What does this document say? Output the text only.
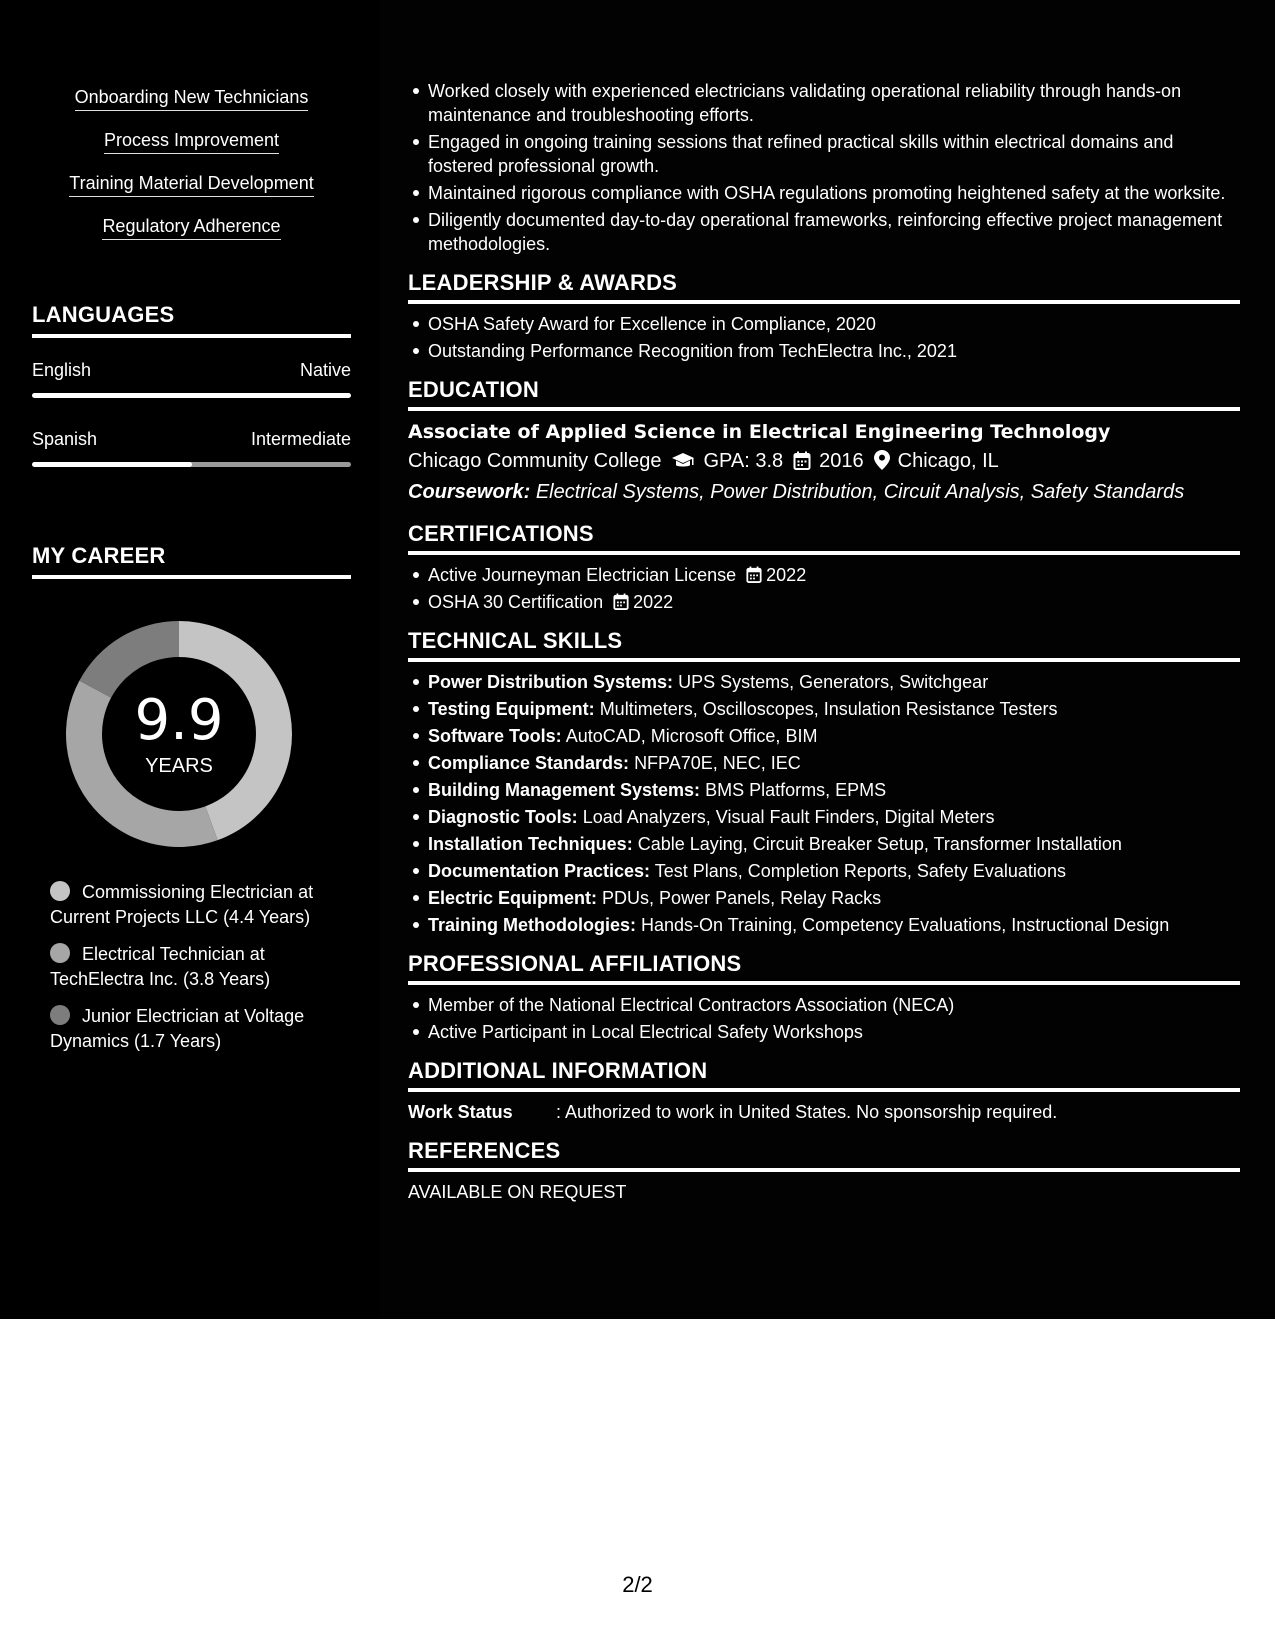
Onboarding New Technicians
Process Improvement
Training Material Development
Regulatory Adherence
LANGUAGES
English	Native
Spanish	Intermediate
MY CAREER
9.9
YEARS
Commissioning Electrician at Current Projects LLC (4.4 Years)
Electrical Technician at TechElectra Inc. (3.8 Years)
Junior Electrician at Voltage Dynamics (1.7 Years)
Worked closely with experienced electricians validating operational reliability through hands-on maintenance and troubleshooting efforts.
Engaged in ongoing training sessions that refined practical skills within electrical domains and fostered professional growth.
Maintained rigorous compliance with OSHA regulations promoting heightened safety at the worksite.
Diligently documented day-to-day operational frameworks, reinforcing effective project management methodologies.
LEADERSHIP & AWARDS
OSHA Safety Award for Excellence in Compliance, 2020
Outstanding Performance Recognition from TechElectra Inc., 2021
EDUCATION
Associate of Applied Science in Electrical Engineering Technology
Chicago Community College GPA: 3.8 2016 Chicago, IL
Coursework: Electrical Systems, Power Distribution, Circuit Analysis, Safety Standards
CERTIFICATIONS
Active Journeyman Electrician License 2022
OSHA 30 Certification 2022
TECHNICAL SKILLS
Power Distribution Systems: UPS Systems, Generators, Switchgear
Testing Equipment: Multimeters, Oscilloscopes, Insulation Resistance Testers
Software Tools: AutoCAD, Microsoft Office, BIM
Compliance Standards: NFPA70E, NEC, IEC
Building Management Systems: BMS Platforms, EPMS
Diagnostic Tools: Load Analyzers, Visual Fault Finders, Digital Meters
Installation Techniques: Cable Laying, Circuit Breaker Setup, Transformer Installation
Documentation Practices: Test Plans, Completion Reports, Safety Evaluations
Electric Equipment: PDUs, Power Panels, Relay Racks
Training Methodologies: Hands-On Training, Competency Evaluations, Instructional Design
PROFESSIONAL AFFILIATIONS
Member of the National Electrical Contractors Association (NECA)
Active Participant in Local Electrical Safety Workshops
ADDITIONAL INFORMATION
Work Status : Authorized to work in United States. No sponsorship required.
REFERENCES
AVAILABLE ON REQUEST
2/2
